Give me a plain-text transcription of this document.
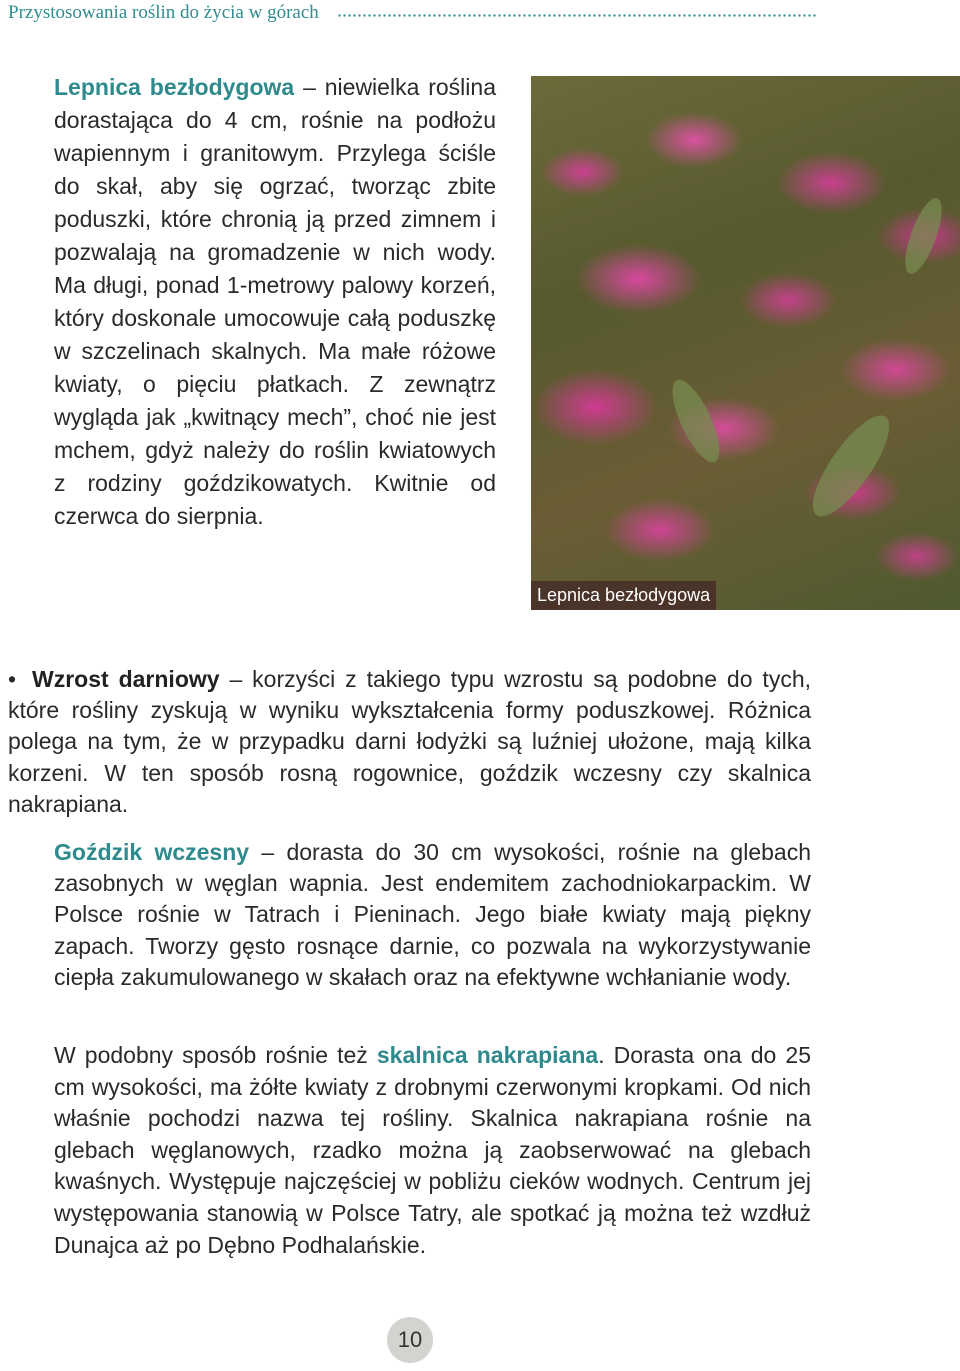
Przystosowania roślin do życia w górach

Lepnica bezłodygowa – niewielka roślina dorastająca do 4 cm, rośnie na podłożu wapiennym i granitowym. Przylega ściśle do skał, aby się ogrzać, tworząc zbite poduszki, które chronią ją przed zimnem i pozwalają na gromadzenie w nich wody. Ma długi, ponad 1-metrowy palowy korzeń, który doskonale umocowuje całą poduszkę w szczelinach skalnych. Ma małe różowe kwiaty, o pięciu płatkach. Z zewnątrz wygląda jak „kwitnący mech”, choć nie jest mchem, gdyż należy do roślin kwiatowych z rodziny goździkowatych. Kwitnie od czerwca do sierpnia.

Lepnica bezłodygowa

• Wzrost darniowy – korzyści z takiego typu wzrostu są podobne do tych, które rośliny zyskują w wyniku wykształcenia formy poduszkowej. Różnica polega na tym, że w przypadku darni łodyżki są luźniej ułożone, mają kilka korzeni. W ten sposób rosną rogownice, goździk wczesny czy skalnica nakrapiana.

Goździk wczesny – dorasta do 30 cm wysokości, rośnie na glebach zasobnych w węglan wapnia. Jest endemitem zachodniokarpackim. W Polsce rośnie w Tatrach i Pieninach. Jego białe kwiaty mają piękny zapach. Tworzy gęsto rosnące darnie, co pozwala na wykorzystywanie ciepła zakumulowanego w skałach oraz na efektywne wchłanianie wody.

W podobny sposób rośnie też skalnica nakrapiana. Dorasta ona do 25 cm wysokości, ma żółte kwiaty z drobnymi czerwonymi kropkami. Od nich właśnie pochodzi nazwa tej rośliny. Skalnica nakrapiana rośnie na glebach węglanowych, rzadko można ją zaobserwować na glebach kwaśnych. Występuje najczęściej w pobliżu cieków wodnych. Centrum jej występowania stanowią w Polsce Tatry, ale spotkać ją można też wzdłuż Dunajca aż po Dębno Podhalańskie.

10
